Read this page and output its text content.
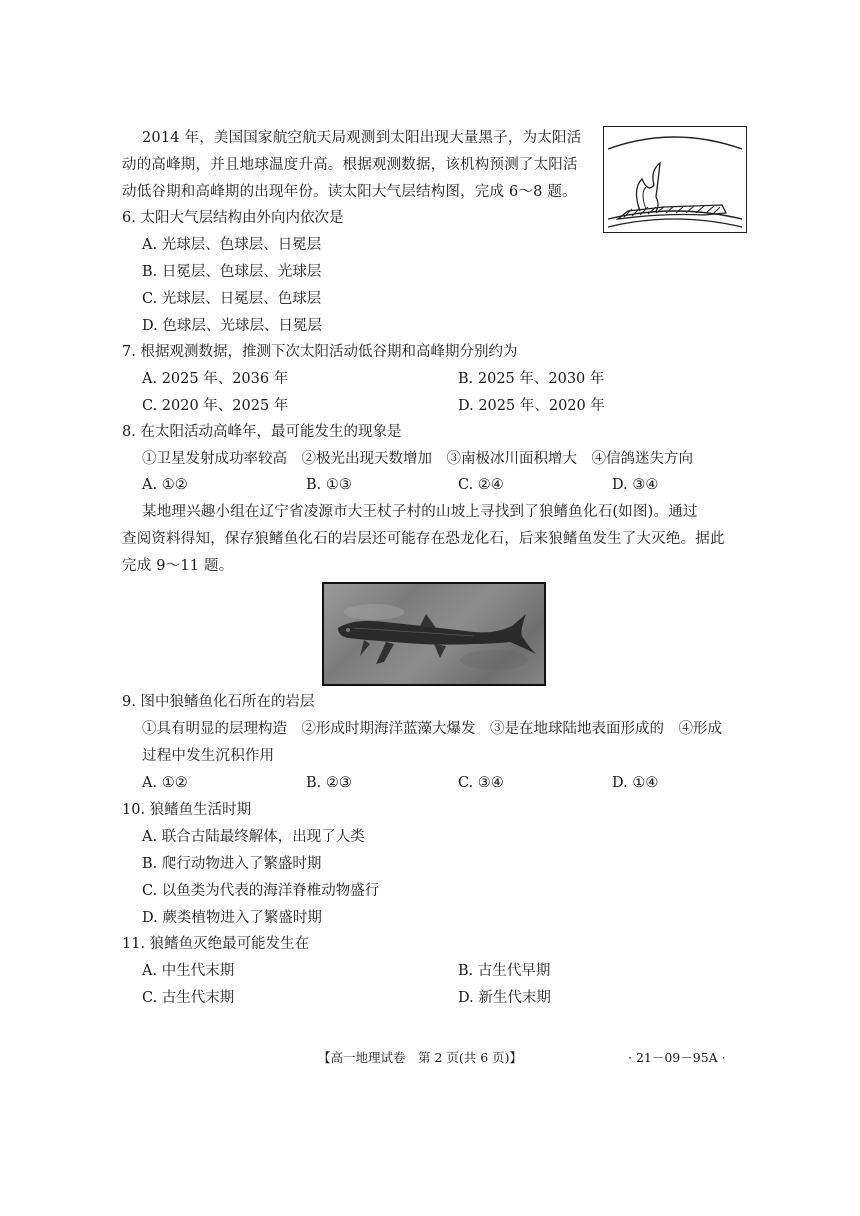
2014 年，美国国家航空航天局观测到太阳出现大量黑子，为太阳活
动的高峰期，并且地球温度升高。根据观测数据，该机构预测了太阳活
动低谷期和高峰期的出现年份。读太阳大气层结构图，完成 6～8 题。
6. 太阳大气层结构由外向内依次是
A. 光球层、色球层、日冕层
B. 日冕层、色球层、光球层
C. 光球层、日冕层、色球层
D. 色球层、光球层、日冕层
7. 根据观测数据，推测下次太阳活动低谷期和高峰期分别约为
A. 2025 年、2036 年	B. 2025 年、2030 年
C. 2020 年、2025 年	D. 2025 年、2020 年
8. 在太阳活动高峰年，最可能发生的现象是
①卫星发射成功率较高　②极光出现天数增加　③南极冰川面积增大　④信鸽迷失方向
A. ①②	B. ①③	C. ②④	D. ③④
某地理兴趣小组在辽宁省凌源市大王杖子村的山坡上寻找到了狼鳍鱼化石(如图)。通过
查阅资料得知，保存狼鳍鱼化石的岩层还可能存在恐龙化石，后来狼鳍鱼发生了大灭绝。据此
完成 9～11 题。
9. 图中狼鳍鱼化石所在的岩层
①具有明显的层理构造　②形成时期海洋蓝藻大爆发　③是在地球陆地表面形成的　④形成
过程中发生沉积作用
A. ①②	B. ②③	C. ③④	D. ①④
10. 狼鳍鱼生活时期
A. 联合古陆最终解体，出现了人类
B. 爬行动物进入了繁盛时期
C. 以鱼类为代表的海洋脊椎动物盛行
D. 蕨类植物进入了繁盛时期
11. 狼鳍鱼灭绝最可能发生在
A. 中生代末期	B. 古生代早期
C. 古生代末期	D. 新生代末期
【高一地理试卷　第 2 页(共 6 页)】	· 21－09－95A ·
